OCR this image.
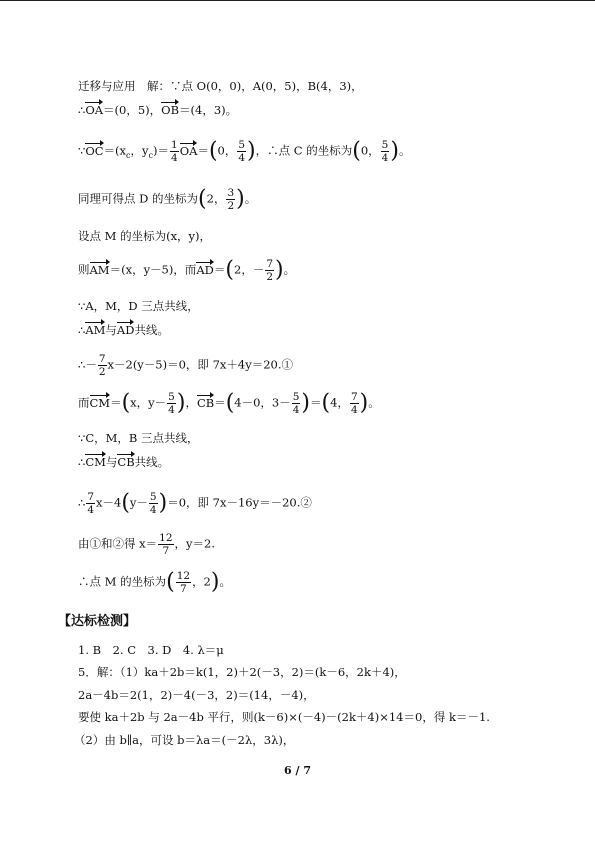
迁移与应用　解：∵点 O(0，0)，A(0，5)，B(4，3)，
∴OA＝(0，5)，OB＝(4，3)。
$\because OC=(x_c$，$y_c)= \frac{1}{4} OA=(0$， $\frac{5}{4}$ )，∴点 C 的坐标为(0， $\frac{5}{4}$ )。
同理可得点 D 的坐标为(2， $\frac{3}{2}$ )。
设点 M 的坐标为(x，y)，
则AM＝(x，y－5)，而AD＝(2，－ $\frac{7}{2}$ )。
∵A，M，D 三点共线，
∴AM与AD共线。
∴－ $\frac{7}{2} x-2(y-5)=0$，即 7x＋4y＝20.①
而CM＝(x，$y- \frac{5}{4}$ )，CB＝(4－0，$3- \frac{5}{4} )=(4$， $\frac{7}{4}$ )。
∵C，M，B 三点共线，
∴CM与CB共线。
∴ $\frac{7}{4} x-4(y- \frac{5}{4} )=0$，即 7x－16y＝－20.②
由①和②得 $x= \frac{12}{7}$ ，y＝2.
∴点 M 的坐标为( $\frac{12}{7}$ ，2)。
【达标检测】
1. B　2. C　3. D　4. λ＝μ
5．解：（1）ka＋2b＝k(1，2)＋2(－3，2)＝(k－6，2k＋4)，
2a－4b＝2(1，2)－4(－3，2)＝(14，－4)，
要使 ka＋2b 与 2a－4b 平行，则(k－6)×(－4)－(2k＋4)×14＝0，得 k＝－1.
（2）由 b∥a，可设 b＝λa＝(－2λ，3λ)，
6 / 7
